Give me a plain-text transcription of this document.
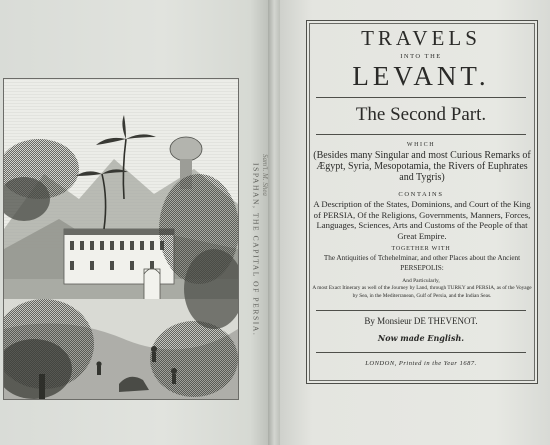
ISPAHAN, THE CAPITAL OF PERSIA. Sam'l. M. Shea
TRAVELS
INTO THE
LEVANT.
The Second Part.
WHICH
(Besides many Singular and most Curious Remarks of Ægypt, Syria, Mesopotamia, the Rivers of Euphrates and Tygris)
CONTAINS
A Description of the States, Dominions, and Court of the King of PERSIA, Of the Religions, Governments, Manners, Forces, Languages, Sciences, Arts and Customs of the People of that Great Empire.
TOGETHER WITH
The Antiquities of Tchehelminar, and other Places about the Ancient PERSEPOLIS:
And Particularly,
A most Exact Itinerary as well of the Journey by Land, through TURKY and PERSIA, as of the Voyage by Sea, in the Mediterranean, Gulf of Persia, and the Indian Seas.
By Monsieur DE THEVENOT.
Now made English.
LONDON, Printed in the Year 1687.
